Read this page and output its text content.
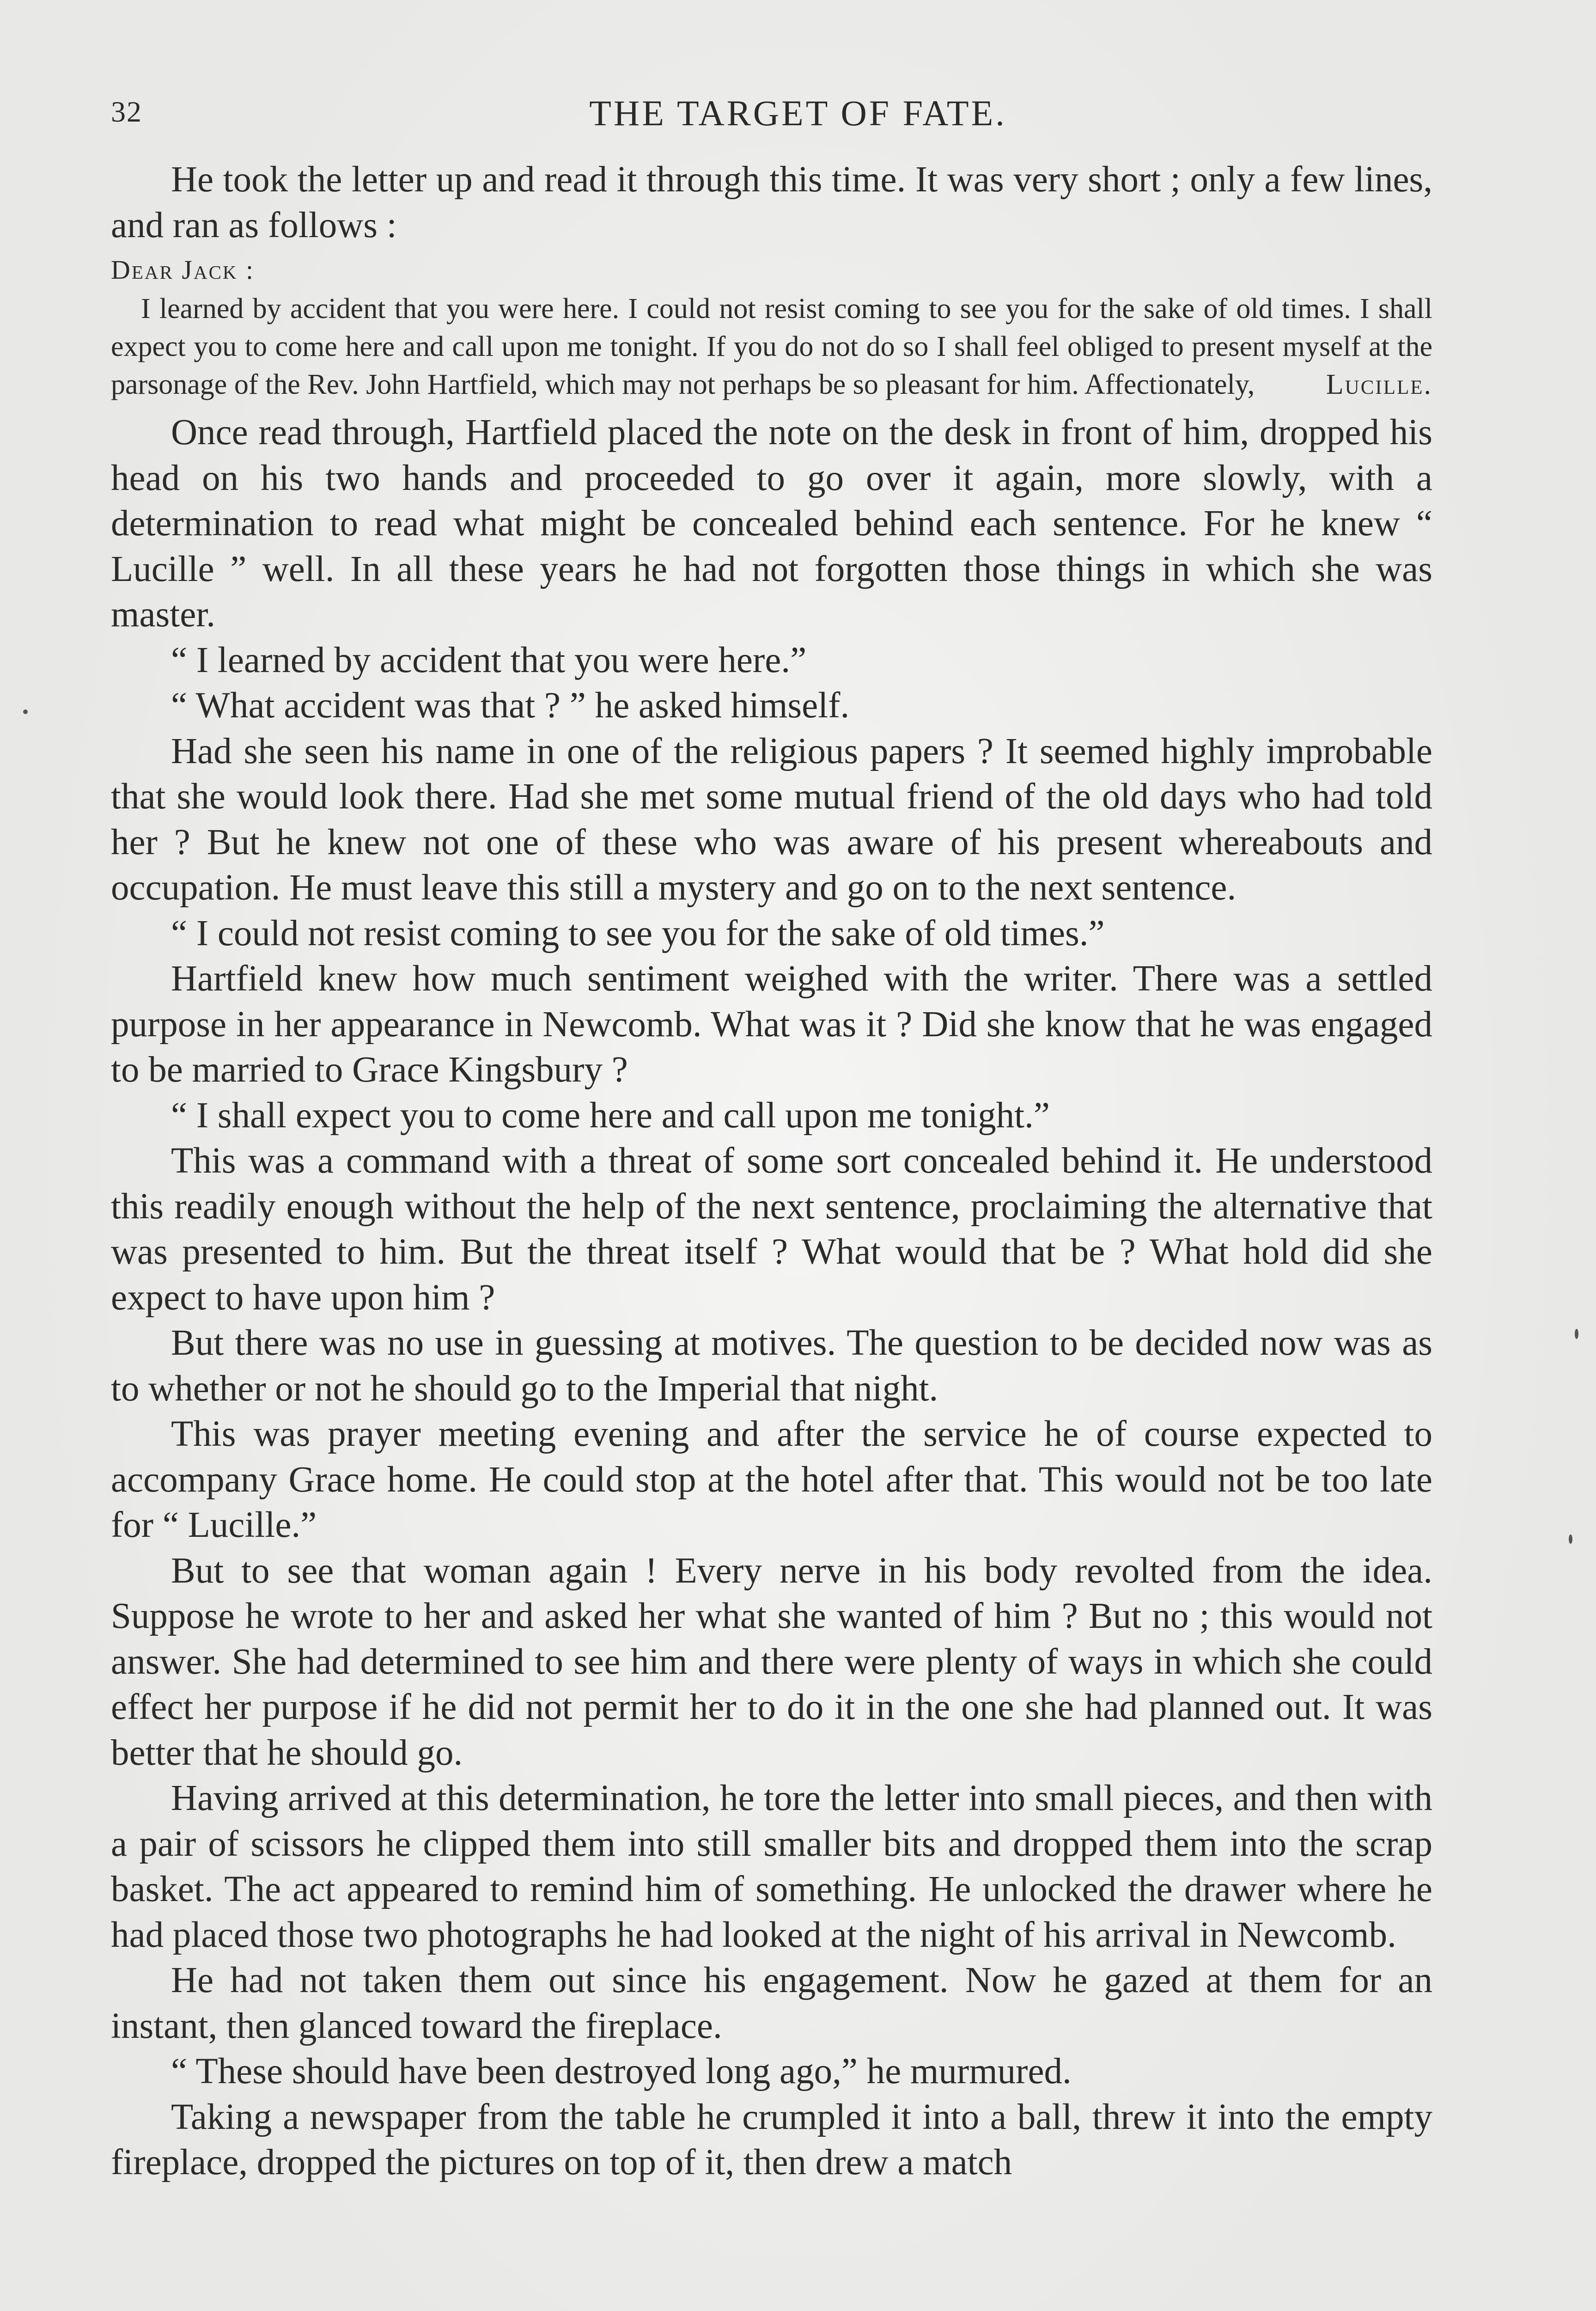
32	THE TARGET OF FATE.

He took the letter up and read it through this time. It was very short ; only a few lines, and ran as follows :

Dear Jack :

I learned by accident that you were here. I could not resist coming to see you for the sake of old times. I shall expect you to come here and call upon me tonight. If you do not do so I shall feel obliged to present myself at the parsonage of the Rev. John Hartfield, which may not perhaps be so pleasant for him. Affectionately,	Lucille.

Once read through, Hartfield placed the note on the desk in front of him, dropped his head on his two hands and proceeded to go over it again, more slowly, with a determination to read what might be concealed behind each sentence. For he knew “ Lucille ” well. In all these years he had not forgotten those things in which she was master.

“ I learned by accident that you were here.”

“ What accident was that ? ” he asked himself.

Had she seen his name in one of the religious papers ? It seemed highly improbable that she would look there. Had she met some mutual friend of the old days who had told her ? But he knew not one of these who was aware of his present whereabouts and occupation. He must leave this still a mystery and go on to the next sentence.

“ I could not resist coming to see you for the sake of old times.”

Hartfield knew how much sentiment weighed with the writer. There was a settled purpose in her appearance in Newcomb. What was it ? Did she know that he was engaged to be married to Grace Kingsbury ?

“ I shall expect you to come here and call upon me tonight.”

This was a command with a threat of some sort concealed behind it. He understood this readily enough without the help of the next sentence, proclaiming the alternative that was presented to him. But the threat itself ? What would that be ? What hold did she expect to have upon him ?

But there was no use in guessing at motives. The question to be decided now was as to whether or not he should go to the Imperial that night.

This was prayer meeting evening and after the service he of course expected to accompany Grace home. He could stop at the hotel after that. This would not be too late for “ Lucille.”

But to see that woman again ! Every nerve in his body revolted from the idea. Suppose he wrote to her and asked her what she wanted of him ? But no ; this would not answer. She had determined to see him and there were plenty of ways in which she could effect her purpose if he did not permit her to do it in the one she had planned out. It was better that he should go.

Having arrived at this determination, he tore the letter into small pieces, and then with a pair of scissors he clipped them into still smaller bits and dropped them into the scrap basket. The act appeared to remind him of something. He unlocked the drawer where he had placed those two photographs he had looked at the night of his arrival in Newcomb.

He had not taken them out since his engagement. Now he gazed at them for an instant, then glanced toward the fireplace.

“ These should have been destroyed long ago,” he murmured.

Taking a newspaper from the table he crumpled it into a ball, threw it into the empty fireplace, dropped the pictures on top of it, then drew a match
